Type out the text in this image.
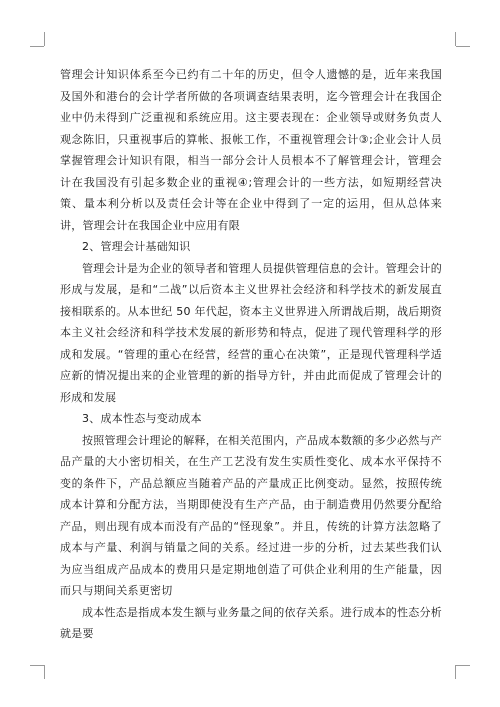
管理会计知识体系至今已约有二十年的历史，但令人遗憾的是，近年来我国及国外和港台的会计学者所做的各项调查结果表明，迄今管理会计在我国企业中仍未得到广泛重视和系统应用。这主要表现在：企业领导或财务负责人观念陈旧，只重视事后的算帐、报帐工作，不重视管理会计③;企业会计人员掌握管理会计知识有限，相当一部分会计人员根本不了解管理会计，管理会计在我国没有引起多数企业的重视④;管理会计的一些方法，如短期经营决策、量本利分析以及责任会计等在企业中得到了一定的运用，但从总体来讲，管理会计在我国企业中应用有限

2、管理会计基础知识

管理会计是为企业的领导者和管理人员提供管理信息的会计。管理会计的形成与发展，是和“二战”以后资本主义世界社会经济和科学技术的新发展直接相联系的。从本世纪 50 年代起，资本主义世界进入所谓战后期，战后期资本主义社会经济和科学技术发展的新形势和特点，促进了现代管理科学的形成和发展。“管理的重心在经营，经营的重心在决策”，正是现代管理科学适应新的情况提出来的企业管理的新的指导方针，并由此而促成了管理会计的形成和发展

3、成本性态与变动成本

按照管理会计理论的解释，在相关范围内，产品成本数额的多少必然与产品产量的大小密切相关，在生产工艺没有发生实质性变化、成本水平保持不变的条件下，产品总额应当随着产品的产量成正比例变动。显然，按照传统成本计算和分配方法，当期即使没有生产产品，由于制造费用仍然要分配给产品，则出现有成本而没有产品的“怪现象”。并且，传统的计算方法忽略了成本与产量、利润与销量之间的关系。经过进一步的分析，过去某些我们认为应当组成产品成本的费用只是定期地创造了可供企业利用的生产能量，因而只与期间关系更密切

成本性态是指成本发生额与业务量之间的依存关系。进行成本的性态分析就是要
